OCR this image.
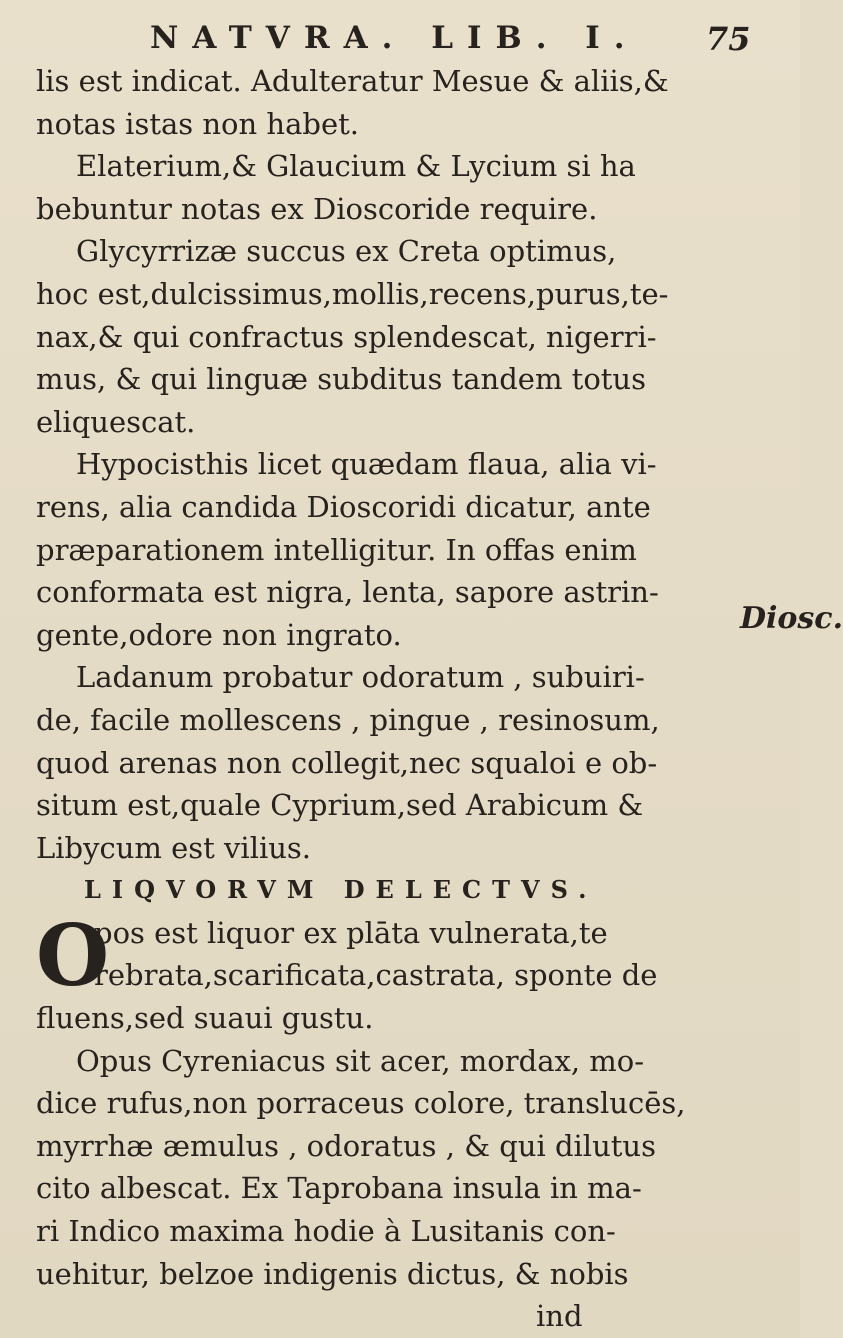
NATVRA. LIB. I. 75
lis est indicat. Adulteratur Mesue & aliis,&
notas istas non habet.
Elaterium,& Glaucium & Lycium si ha
bebuntur notas ex Dioscoride require.
Glycyrrizæ succus ex Creta optimus,
hoc est,dulcissimus,mollis,recens,purus,te-
nax,& qui confractus splendescat, nigerri-
mus, & qui linguæ subditus tandem totus
eliquescat.
Hypocisthis licet quædam flaua, alia vi-
rens, alia candida Dioscoridi dicatur, ante
præparationem intelligitur. In offas enim
conformata est nigra, lenta, sapore astrin-
gente,odore non ingrato.
Ladanum probatur odoratum , subuiri-
de, facile mollescens , pingue , resinosum,
quod arenas non collegit,nec squaloi e ob-
situm est,quale Cyprium,sed Arabicum &
Libycum est vilius.
LIQVORVM DELECTVS.
O
pos est liquor ex plāta vulnerata,te
rebrata,scarificata,castrata, sponte de
fluens,sed suaui gustu.
Opus Cyreniacus sit acer, mordax, mo-
dice rufus,non porraceus colore, translucēs,
myrrhæ æmulus , odoratus , & qui dilutus
cito albescat. Ex Taprobana insula in ma-
ri Indico maxima hodie à Lusitanis con-
uehitur, belzoe indigenis dictus, & nobis
ind
Diosc.
